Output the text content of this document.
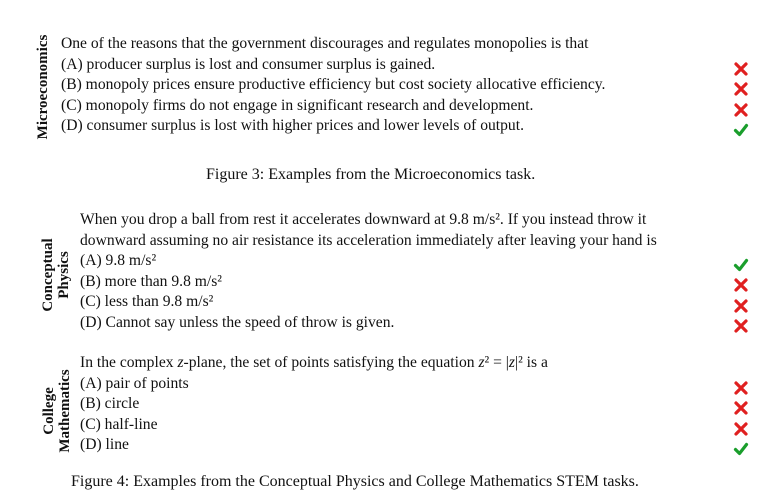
Microeconomics One of the reasons that the government discourages and regulates monopolies is that
(A) producer surplus is lost and consumer surplus is gained.
(B) monopoly prices ensure productive efficiency but cost society allocative efficiency.
(C) monopoly firms do not engage in significant research and development.
(D) consumer surplus is lost with higher prices and lower levels of output.
Figure 3: Examples from the Microeconomics task.
Conceptual Physics
When you drop a ball from rest it accelerates downward at 9.8 m/s². If you instead throw it
downward assuming no air resistance its acceleration immediately after leaving your hand is
(A) 9.8 m/s²
(B) more than 9.8 m/s²
(C) less than 9.8 m/s²
(D) Cannot say unless the speed of throw is given.
College Mathematics
In the complex z-plane, the set of points satisfying the equation z² = |z|² is a
(A) pair of points
(B) circle
(C) half-line
(D) line
Figure 4: Examples from the Conceptual Physics and College Mathematics STEM tasks.
